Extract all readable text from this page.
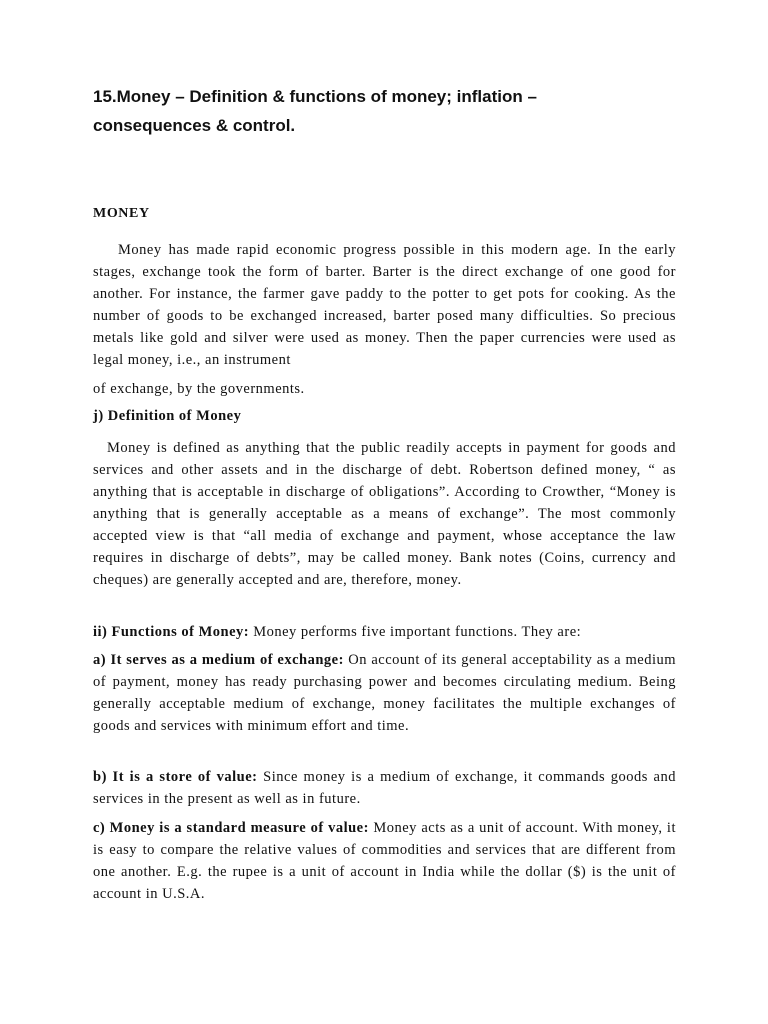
15.Money – Definition & functions of money; inflation – consequences & control.
MONEY

Money has made rapid economic progress possible in this modern age. In the early stages, exchange took the form of barter. Barter is the direct exchange of one good for another. For instance, the farmer gave paddy to the potter to get pots for cooking. As the number of goods to be exchanged increased, barter posed many difficulties. So precious metals like gold and silver were used as money. Then the paper currencies were used as legal money, i.e., an instrument

of exchange, by the governments.

j) Definition of Money

Money is defined as anything that the public readily accepts in payment for goods and services and other assets and in the discharge of debt. Robertson defined money, “ as anything that is acceptable in discharge of obligations”. According to Crowther, “Money is anything that is generally acceptable as a means of exchange”. The most commonly accepted view is that “all media of exchange and payment, whose acceptance the law requires in discharge of debts”, may be called money. Bank notes (Coins, currency and cheques) are generally accepted and are, therefore, money.

ii) Functions of Money: Money performs five important functions. They are:

a) It serves as a medium of exchange: On account of its general acceptability as a medium of payment, money has ready purchasing power and becomes circulating medium. Being generally acceptable medium of exchange, money facilitates the multiple exchanges of goods and services with minimum effort and time.

b) It is a store of value: Since money is a medium of exchange, it commands goods and services in the present as well as in future.

c) Money is a standard measure of value: Money acts as a unit of account. With money, it is easy to compare the relative values of commodities and services that are different from one another. E.g. the rupee is a unit of account in India while the dollar ($) is the unit of account in U.S.A.
